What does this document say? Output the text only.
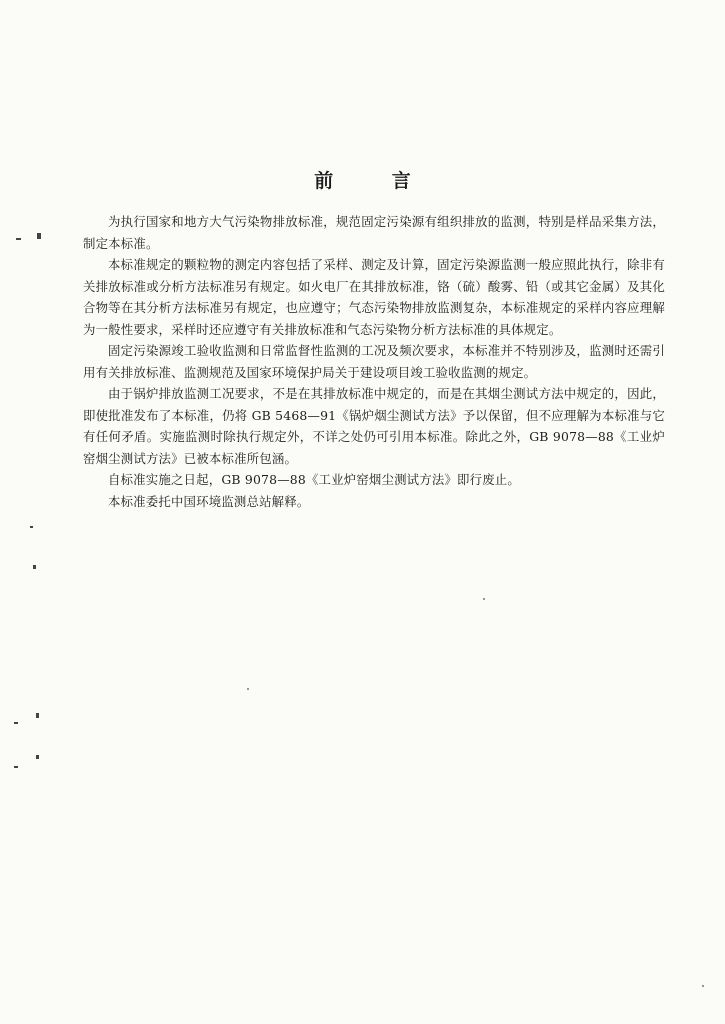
前 言

为执行国家和地方大气污染物排放标准，规范固定污染源有组织排放的监测，特别是样品采集方法，制定本标准。

本标准规定的颗粒物的测定内容包括了采样、测定及计算，固定污染源监测一般应照此执行，除非有关排放标准或分析方法标准另有规定。如火电厂在其排放标准，铬（硫）酸雾、铅（或其它金属）及其化合物等在其分析方法标准另有规定，也应遵守；气态污染物排放监测复杂，本标准规定的采样内容应理解为一般性要求，采样时还应遵守有关排放标准和气态污染物分析方法标准的具体规定。

固定污染源竣工验收监测和日常监督性监测的工况及频次要求，本标准并不特别涉及，监测时还需引用有关排放标准、监测规范及国家环境保护局关于建设项目竣工验收监测的规定。

由于锅炉排放监测工况要求，不是在其排放标准中规定的，而是在其烟尘测试方法中规定的，因此，即使批准发布了本标准，仍将 GB 5468—91《锅炉烟尘测试方法》予以保留，但不应理解为本标准与它有任何矛盾。实施监测时除执行规定外，不详之处仍可引用本标准。除此之外，GB 9078—88《工业炉窑烟尘测试方法》已被本标准所包涵。

自标准实施之日起，GB 9078—88《工业炉窑烟尘测试方法》即行废止。

本标准委托中国环境监测总站解释。
